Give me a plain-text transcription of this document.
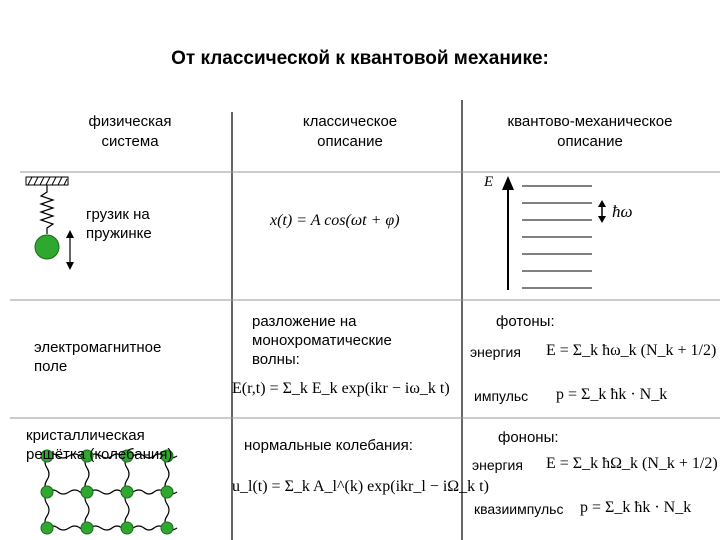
От классической к квантовой механике:
физическая
система
классическое
описание
квантово-механическое
описание
грузик на
пружинке
x(t) = A cos(ωt + φ)
E
ħω
электромагнитное
поле
разложение на
монохроматические
волны:
E(r,t) = Σ_k E_k exp(ikr − iω_k t)
фотоны:
энергия E = Σ_k ħω_k (N_k + 1/2)
импульс p = Σ_k ħk · N_k
кристаллическая
решётка (колебания)
нормальные колебания:
u_l(t) = Σ_k A_l^(k) exp(ikr_l − iΩ_k t)
фононы:
энергия E = Σ_k ħΩ_k (N_k + 1/2)
квазиимпульс p = Σ_k ħk · N_k
